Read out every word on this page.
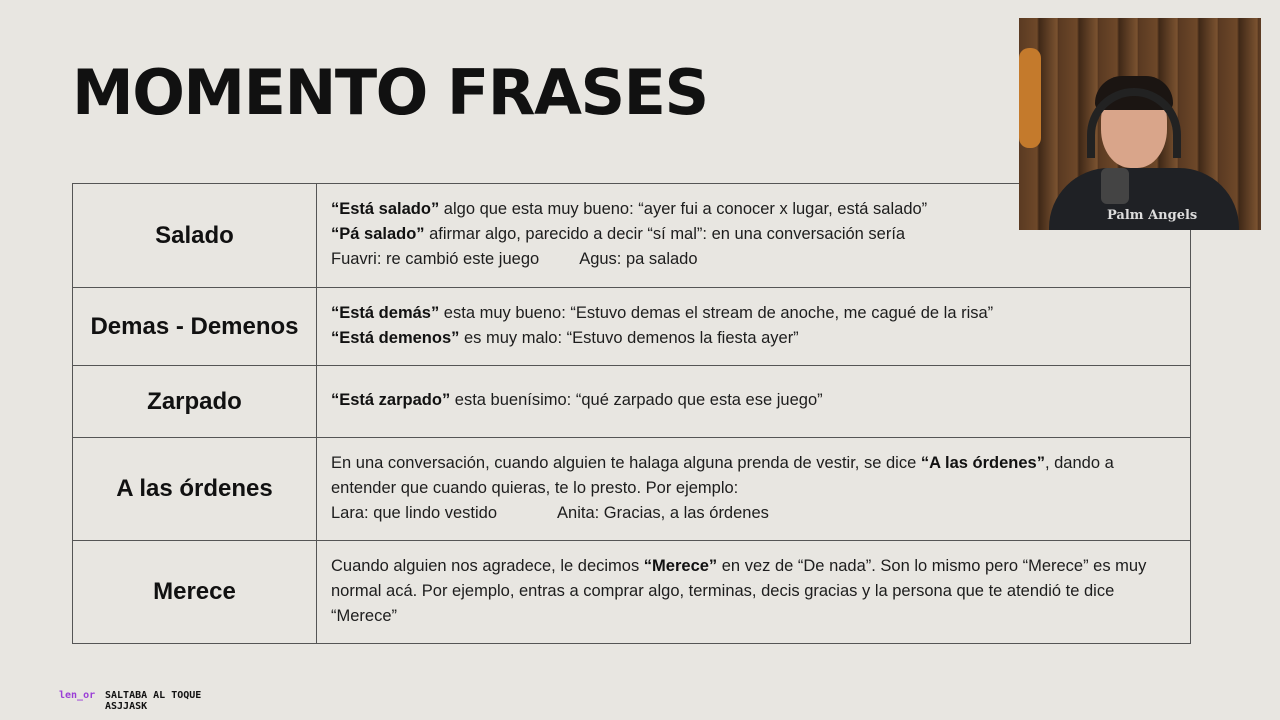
MOMENTO FRASES
Salado	“Está salado” algo que esta muy bueno: “ayer fui a conocer x lugar, está salado”
“Pá salado” afirmar algo, parecido a decir “sí mal”: en una conversación sería
Fuavri: re cambió este juego Agus: pa salado

Demas - Demenos	“Está demás” esta muy bueno: “Estuvo demas el stream de anoche, me cagué de la risa”
“Está demenos” es muy malo: “Estuvo demenos la fiesta ayer”

Zarpado	“Está zarpado” esta buenísimo: “qué zarpado que esta ese juego”

A las órdenes	En una conversación, cuando alguien te halaga alguna prenda de vestir, se dice “A las órdenes”, dando a
entender que cuando quieras, te lo presto. Por ejemplo:
Lara: que lindo vestido Anita: Gracias, a las órdenes

Merece	Cuando alguien nos agradece, le decimos “Merece” en vez de “De nada”. Son lo mismo pero “Merece” es muy
normal acá. Por ejemplo, entras a comprar algo, terminas, decis gracias y la persona que te atendió te dice
“Merece”
Palm Angels
len_or SALTABA AL TOQUE
ASJJASK
